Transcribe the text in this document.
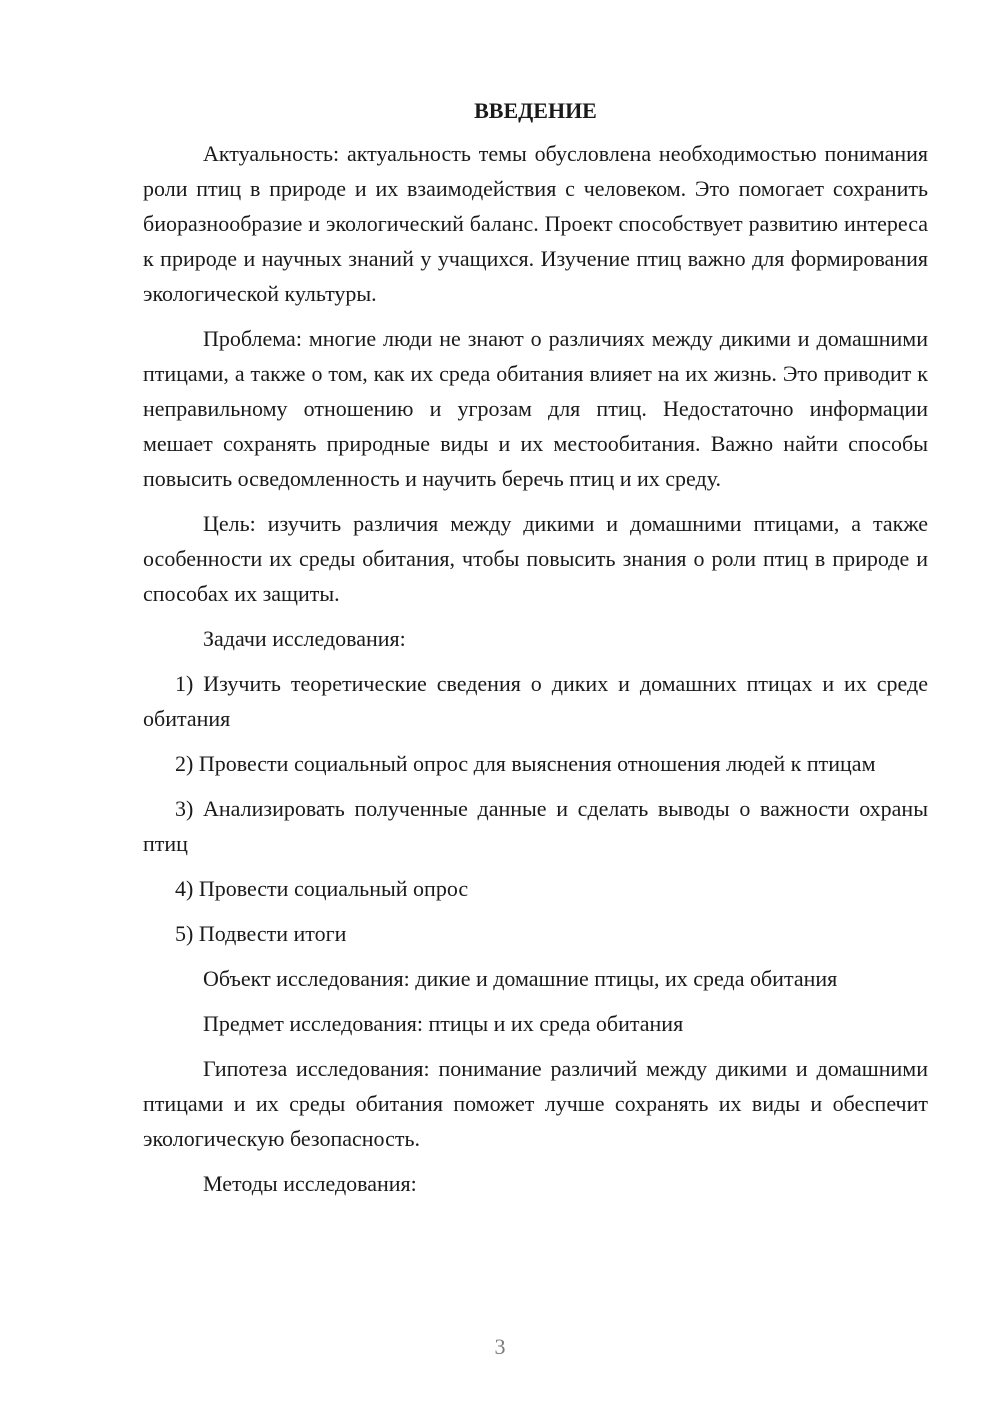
ВВЕДЕНИЕ
Актуальность: актуальность темы обусловлена необходимостью понимания роли птиц в природе и их взаимодействия с человеком. Это помогает сохранить биоразнообразие и экологический баланс. Проект способствует развитию интереса к природе и научных знаний у учащихся. Изучение птиц важно для формирования экологической культуры.
Проблема: многие люди не знают о различиях между дикими и домашними птицами, а также о том, как их среда обитания влияет на их жизнь. Это приводит к неправильному отношению и угрозам для птиц. Недостаточно информации мешает сохранять природные виды и их местообитания. Важно найти способы повысить осведомленность и научить беречь птиц и их среду.
Цель: изучить различия между дикими и домашними птицами, а также особенности их среды обитания, чтобы повысить знания о роли птиц в природе и способах их защиты.
Задачи исследования:
1) Изучить теоретические сведения о диких и домашних птицах и их среде обитания
2) Провести социальный опрос для выяснения отношения людей к птицам
3) Анализировать полученные данные и сделать выводы о важности охраны птиц
4) Провести социальный опрос
5) Подвести итоги
Объект исследования: дикие и домашние птицы, их среда обитания
Предмет исследования: птицы и их среда обитания
Гипотеза исследования: понимание различий между дикими и домашними птицами и их среды обитания поможет лучше сохранять их виды и обеспечит экологическую безопасность.
Методы исследования:
3
